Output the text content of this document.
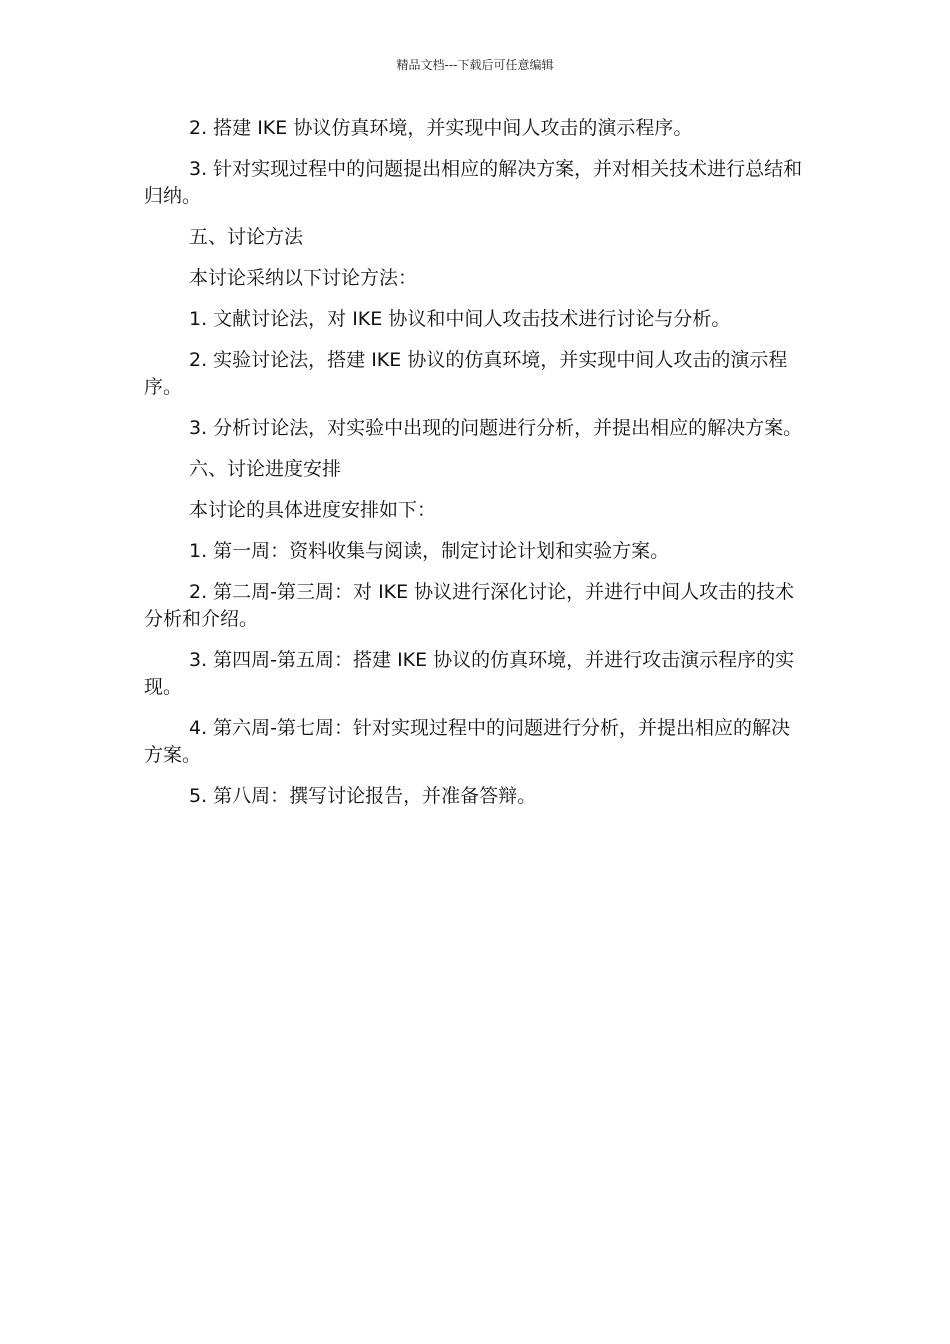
精品文档---下载后可任意编辑

2. 搭建 IKE 协议仿真环境，并实现中间人攻击的演示程序。

3. 针对实现过程中的问题提出相应的解决方案，并对相关技术进行总结和归纳。

五、讨论方法

本讨论采纳以下讨论方法：

1. 文献讨论法，对 IKE 协议和中间人攻击技术进行讨论与分析。

2. 实验讨论法，搭建 IKE 协议的仿真环境，并实现中间人攻击的演示程序。

3. 分析讨论法，对实验中出现的问题进行分析，并提出相应的解决方案。

六、讨论进度安排

本讨论的具体进度安排如下：

1. 第一周：资料收集与阅读，制定讨论计划和实验方案。

2. 第二周-第三周：对 IKE 协议进行深化讨论，并进行中间人攻击的技术分析和介绍。

3. 第四周-第五周：搭建 IKE 协议的仿真环境，并进行攻击演示程序的实现。

4. 第六周-第七周：针对实现过程中的问题进行分析，并提出相应的解决方案。

5. 第八周：撰写讨论报告，并准备答辩。
